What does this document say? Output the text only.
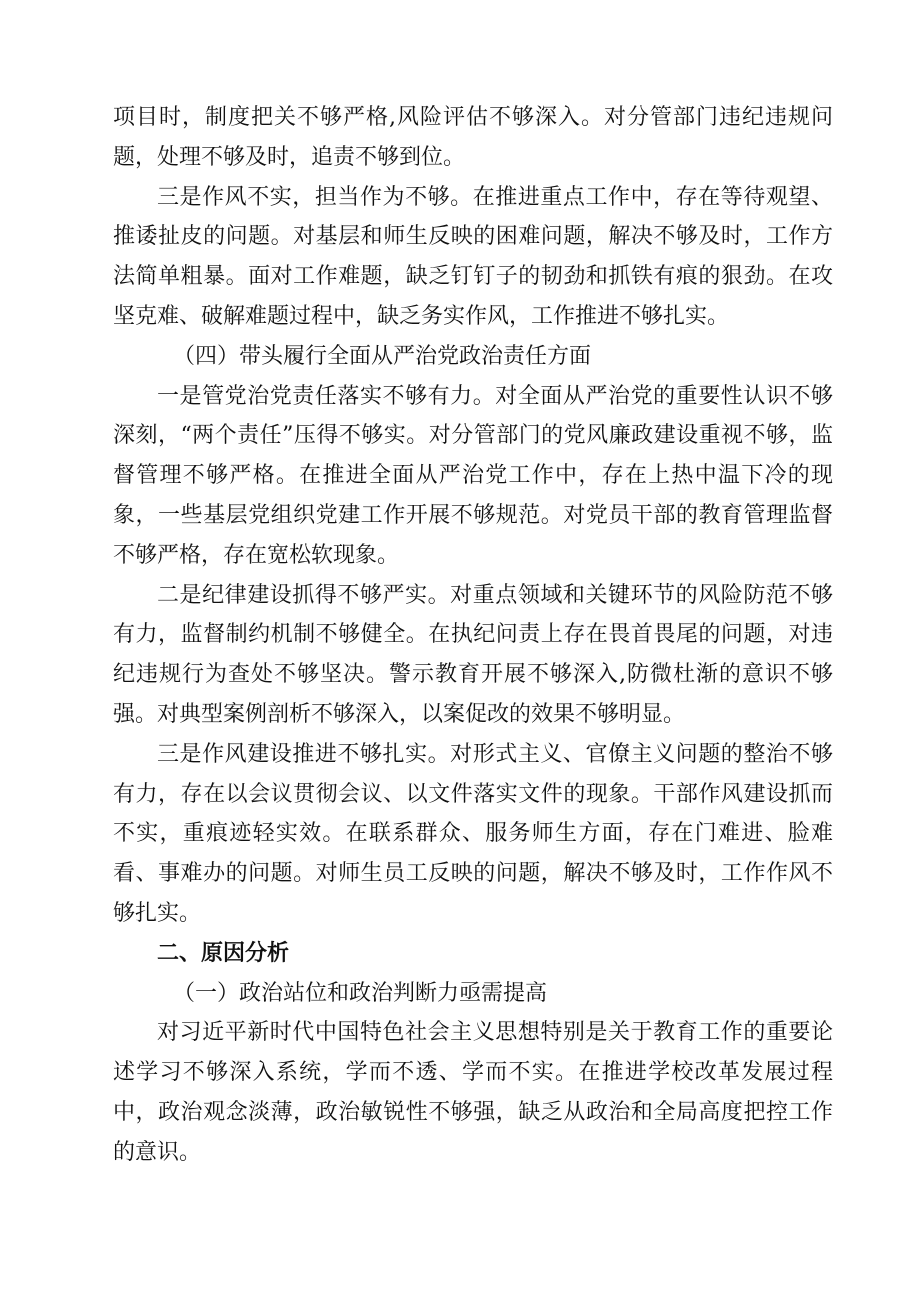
项目时，制度把关不够严格,风险评估不够深入。对分管部门违纪违规问题，处理不够及时，追责不够到位。

三是作风不实，担当作为不够。在推进重点工作中，存在等待观望、推诿扯皮的问题。对基层和师生反映的困难问题，解决不够及时，工作方法简单粗暴。面对工作难题，缺乏钉钉子的韧劲和抓铁有痕的狠劲。在攻坚克难、破解难题过程中，缺乏务实作风，工作推进不够扎实。

（四）带头履行全面从严治党政治责任方面

一是管党治党责任落实不够有力。对全面从严治党的重要性认识不够深刻，“两个责任”压得不够实。对分管部门的党风廉政建设重视不够，监督管理不够严格。在推进全面从严治党工作中，存在上热中温下冷的现象，一些基层党组织党建工作开展不够规范。对党员干部的教育管理监督不够严格，存在宽松软现象。

二是纪律建设抓得不够严实。对重点领域和关键环节的风险防范不够有力，监督制约机制不够健全。在执纪问责上存在畏首畏尾的问题，对违纪违规行为查处不够坚决。警示教育开展不够深入,防微杜渐的意识不够强。对典型案例剖析不够深入，以案促改的效果不够明显。

三是作风建设推进不够扎实。对形式主义、官僚主义问题的整治不够有力，存在以会议贯彻会议、以文件落实文件的现象。干部作风建设抓而不实，重痕迹轻实效。在联系群众、服务师生方面，存在门难进、脸难看、事难办的问题。对师生员工反映的问题，解决不够及时，工作作风不够扎实。

二、原因分析

（一）政治站位和政治判断力亟需提高

对习近平新时代中国特色社会主义思想特别是关于教育工作的重要论述学习不够深入系统，学而不透、学而不实。在推进学校改革发展过程中，政治观念淡薄，政治敏锐性不够强，缺乏从政治和全局高度把控工作的意识。
